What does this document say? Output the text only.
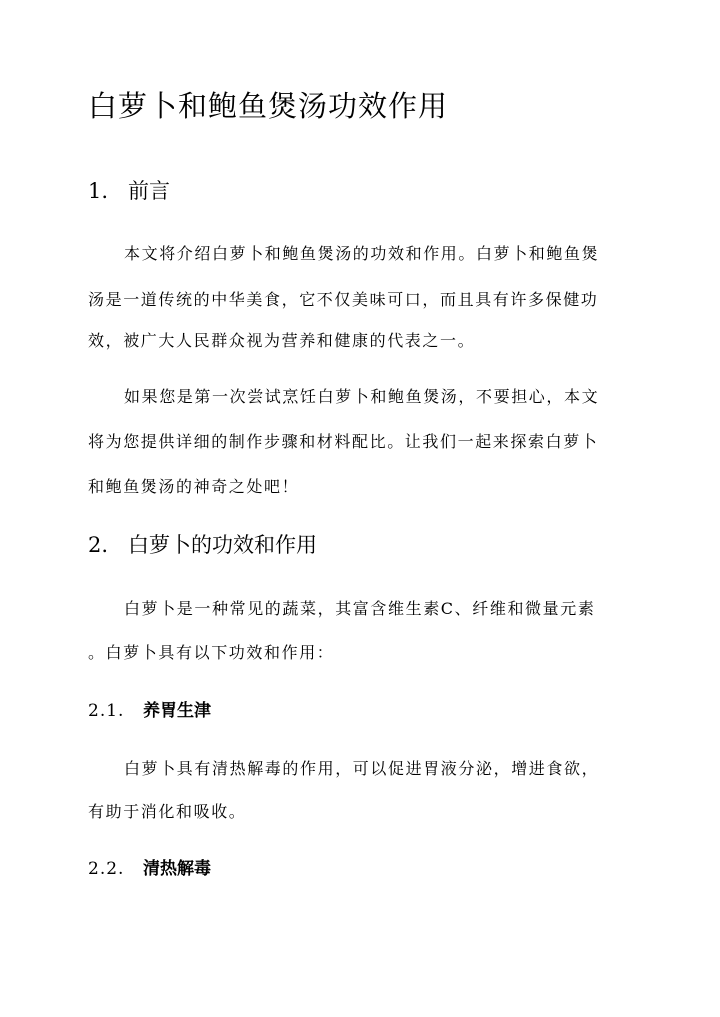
白萝卜和鲍鱼煲汤功效作用
1. 前言

本文将介绍白萝卜和鲍鱼煲汤的功效和作用。白萝卜和鲍鱼煲

汤是一道传统的中华美食，它不仅美味可口，而且具有许多保健功

效，被广大人民群众视为营养和健康的代表之一。

如果您是第一次尝试烹饪白萝卜和鲍鱼煲汤，不要担心，本文

将为您提供详细的制作步骤和材料配比。让我们一起来探索白萝卜

和鲍鱼煲汤的神奇之处吧！

2. 白萝卜的功效和作用

白萝卜是一种常见的蔬菜，其富含维生素C、纤维和微量元素

。白萝卜具有以下功效和作用：

2.1. 养胃生津

白萝卜具有清热解毒的作用，可以促进胃液分泌，增进食欲，

有助于消化和吸收。

2.2. 清热解毒
